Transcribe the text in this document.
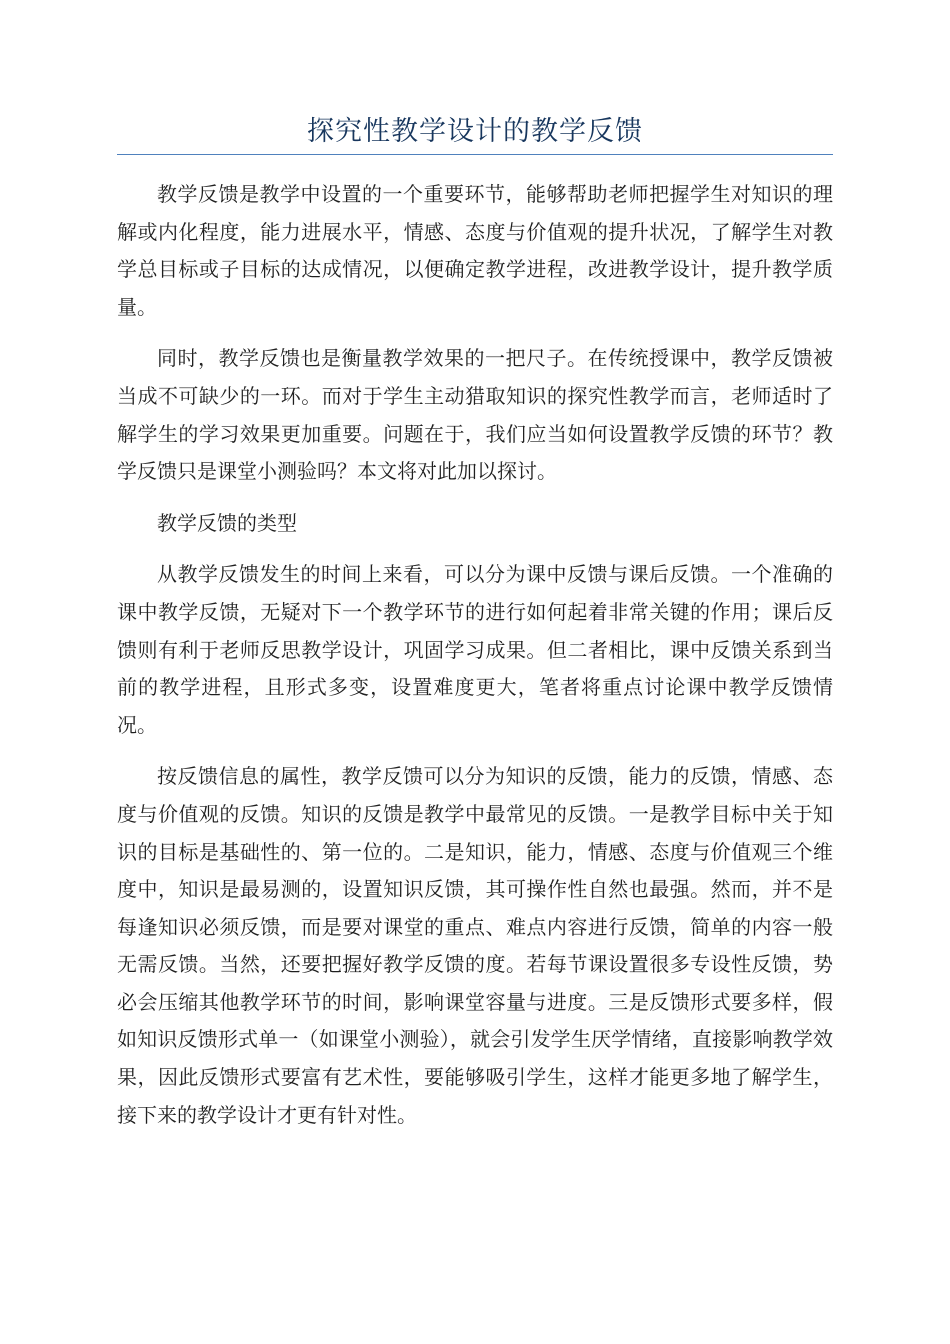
探究性教学设计的教学反馈

教学反馈是教学中设置的一个重要环节，能够帮助老师把握学生对知识的理解或内化程度，能力进展水平，情感、态度与价值观的提升状况，了解学生对教学总目标或子目标的达成情况，以便确定教学进程，改进教学设计，提升教学质量。

同时，教学反馈也是衡量教学效果的一把尺子。在传统授课中，教学反馈被当成不可缺少的一环。而对于学生主动猎取知识的探究性教学而言，老师适时了解学生的学习效果更加重要。问题在于，我们应当如何设置教学反馈的环节？教学反馈只是课堂小测验吗？本文将对此加以探讨。

教学反馈的类型

从教学反馈发生的时间上来看，可以分为课中反馈与课后反馈。一个准确的课中教学反馈，无疑对下一个教学环节的进行如何起着非常关键的作用；课后反馈则有利于老师反思教学设计，巩固学习成果。但二者相比，课中反馈关系到当前的教学进程，且形式多变，设置难度更大，笔者将重点讨论课中教学反馈情况。

按反馈信息的属性，教学反馈可以分为知识的反馈，能力的反馈，情感、态度与价值观的反馈。知识的反馈是教学中最常见的反馈。一是教学目标中关于知识的目标是基础性的、第一位的。二是知识，能力，情感、态度与价值观三个维度中，知识是最易测的，设置知识反馈，其可操作性自然也最强。然而，并不是每逢知识必须反馈，而是要对课堂的重点、难点内容进行反馈，简单的内容一般无需反馈。当然，还要把握好教学反馈的度。若每节课设置很多专设性反馈，势必会压缩其他教学环节的时间，影响课堂容量与进度。三是反馈形式要多样，假如知识反馈形式单一（如课堂小测验），就会引发学生厌学情绪，直接影响教学效果，因此反馈形式要富有艺术性，要能够吸引学生，这样才能更多地了解学生，接下来的教学设计才更有针对性。
